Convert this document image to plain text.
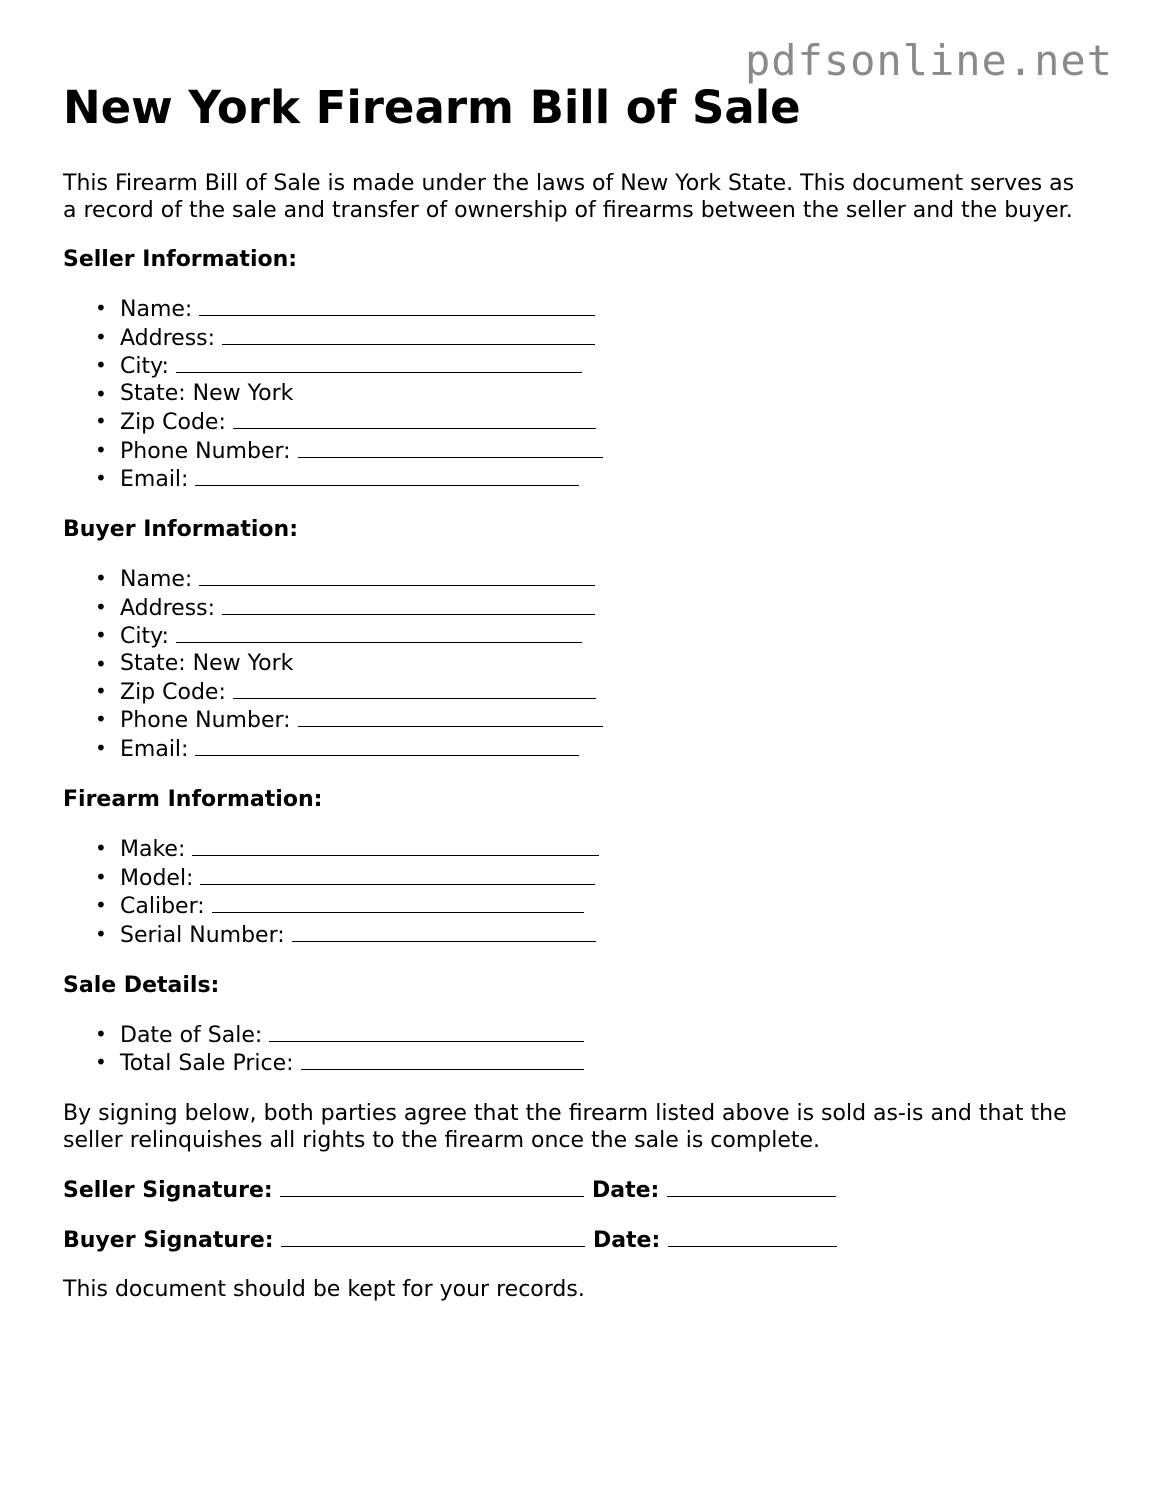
pdfsonline.net
New York Firearm Bill of Sale

This Firearm Bill of Sale is made under the laws of New York State. This document serves as a record of the sale and transfer of ownership of firearms between the seller and the buyer.

Seller Information:
• Name:
• Address:
• City:
• State: New York
• Zip Code:
• Phone Number:
• Email:
Buyer Information:
• Name:
• Address:
• City:
• State: New York
• Zip Code:
• Phone Number:
• Email:
Firearm Information:
• Make:
• Model:
• Caliber:
• Serial Number:
Sale Details:
• Date of Sale:
• Total Sale Price:

By signing below, both parties agree that the firearm listed above is sold as-is and that the seller relinquishes all rights to the firearm once the sale is complete.

Seller Signature:	Date:
Buyer Signature:	Date:

This document should be kept for your records.
